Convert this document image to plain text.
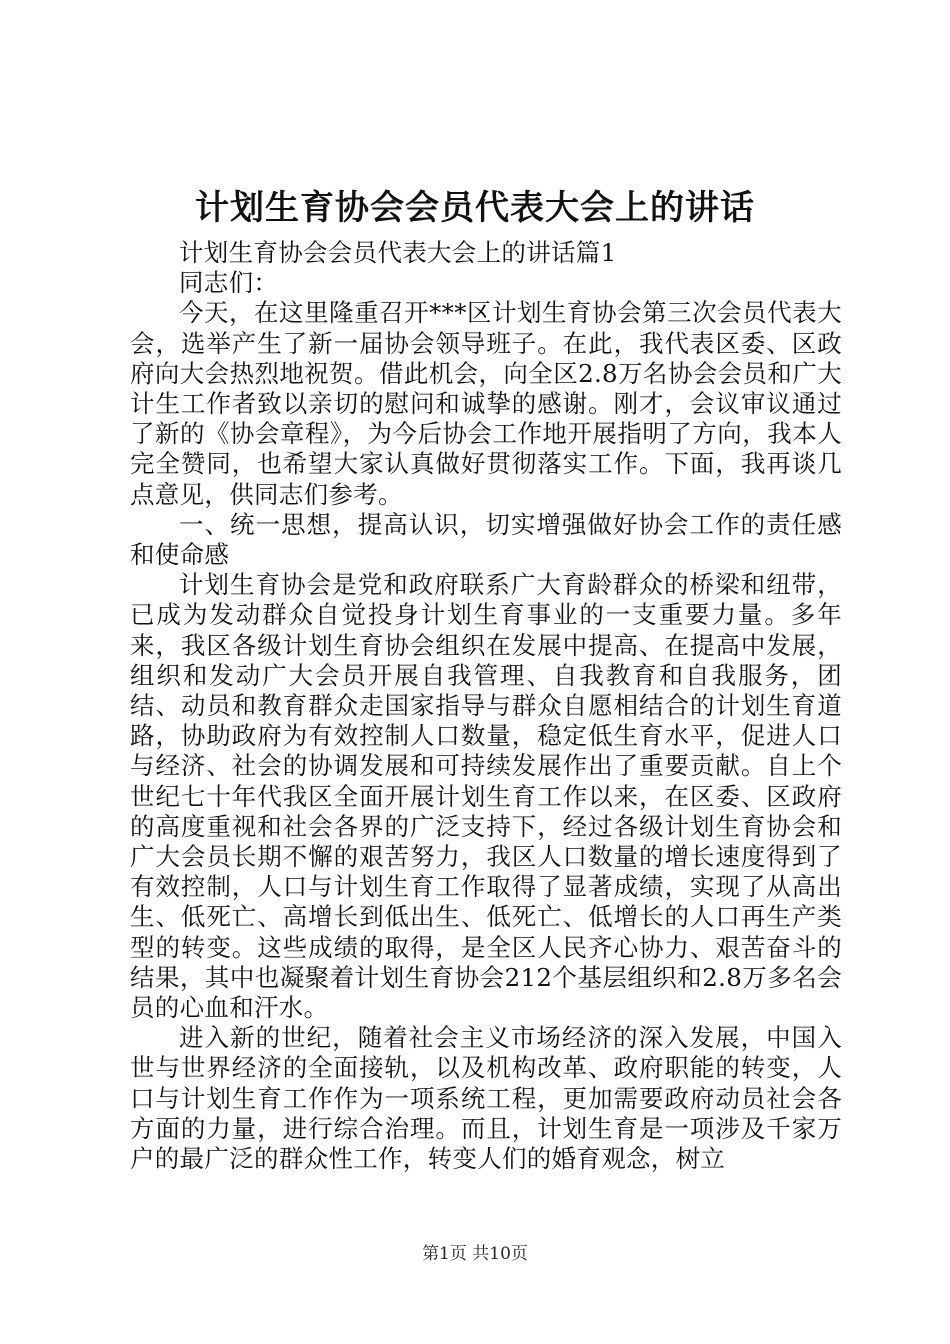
计划生育协会会员代表大会上的讲话

计划生育协会会员代表大会上的讲话篇1

同志们：

今天，在这里隆重召开***区计划生育协会第三次会员代表大会，选举产生了新一届协会领导班子。在此，我代表区委、区政府向大会热烈地祝贺。借此机会，向全区2.8万名协会会员和广大计生工作者致以亲切的慰问和诚挚的感谢。刚才，会议审议通过了新的《协会章程》，为今后协会工作地开展指明了方向，我本人完全赞同，也希望大家认真做好贯彻落实工作。下面，我再谈几点意见，供同志们参考。

一、统一思想，提高认识，切实增强做好协会工作的责任感和使命感

计划生育协会是党和政府联系广大育龄群众的桥梁和纽带，已成为发动群众自觉投身计划生育事业的一支重要力量。多年来，我区各级计划生育协会组织在发展中提高、在提高中发展，组织和发动广大会员开展自我管理、自我教育和自我服务，团结、动员和教育群众走国家指导与群众自愿相结合的计划生育道路，协助政府为有效控制人口数量，稳定低生育水平，促进人口与经济、社会的协调发展和可持续发展作出了重要贡献。自上个世纪七十年代我区全面开展计划生育工作以来，在区委、区政府的高度重视和社会各界的广泛支持下，经过各级计划生育协会和广大会员长期不懈的艰苦努力，我区人口数量的增长速度得到了有效控制，人口与计划生育工作取得了显著成绩，实现了从高出生、低死亡、高增长到低出生、低死亡、低增长的人口再生产类型的转变。这些成绩的取得，是全区人民齐心协力、艰苦奋斗的结果，其中也凝聚着计划生育协会212个基层组织和2.8万多名会员的心血和汗水。

进入新的世纪，随着社会主义市场经济的深入发展，中国入世与世界经济的全面接轨，以及机构改革、政府职能的转变，人口与计划生育工作作为一项系统工程，更加需要政府动员社会各方面的力量，进行综合治理。而且，计划生育是一项涉及千家万户的最广泛的群众性工作，转变人们的婚育观念，树立

第1页 共10页
